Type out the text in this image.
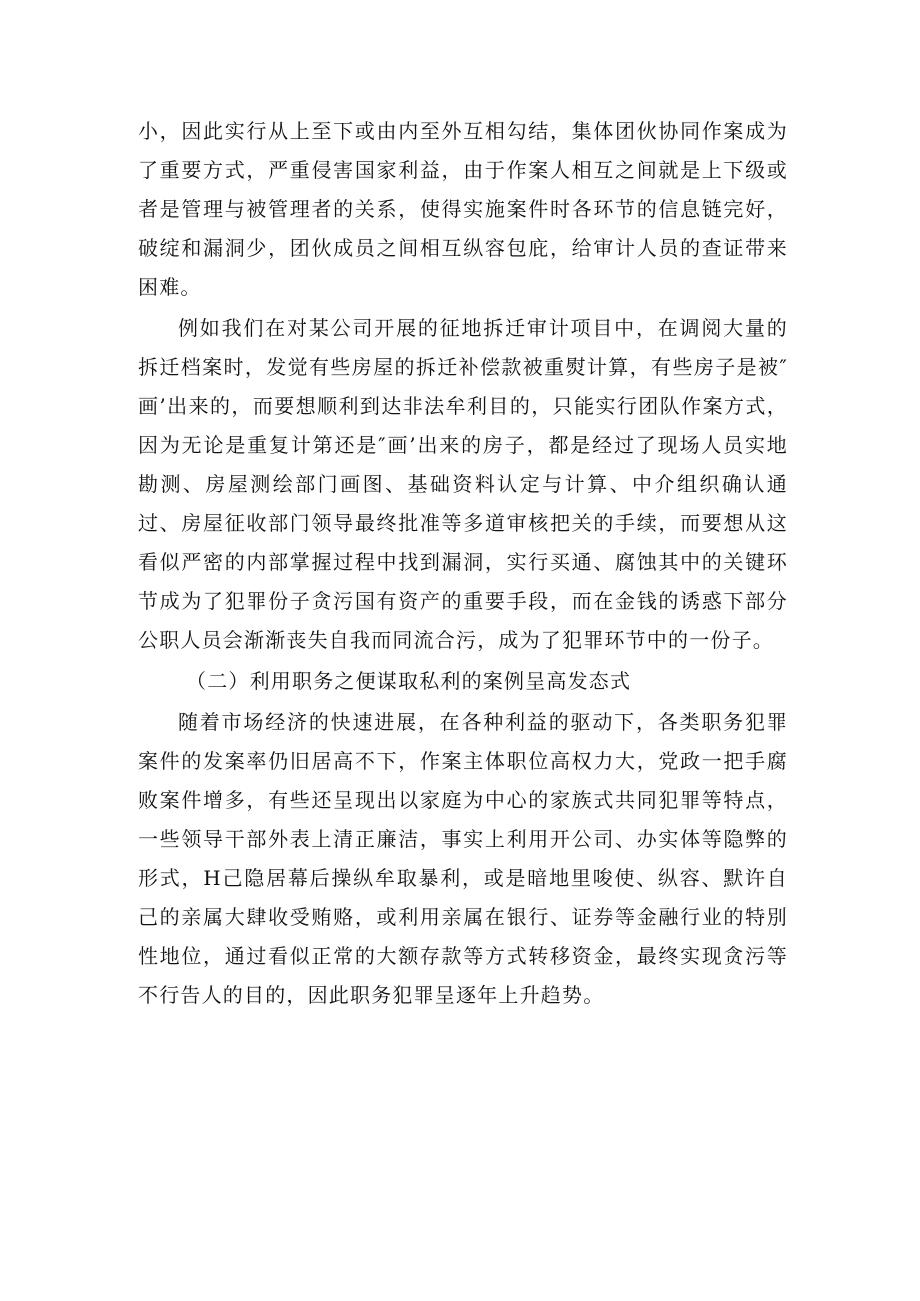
小，因此实行从上至下或由内至外互相勾结，集体团伙协同作案成为了重要方式，严重侵害国家利益，由于作案人相互之间就是上下级或者是管理与被管理者的关系，使得实施案件时各环节的信息链完好，破绽和漏洞少，团伙成员之间相互纵容包庇，给审计人员的查证带来困难。

例如我们在对某公司开展的征地拆迁审计项目中，在调阅大量的拆迁档案时，发觉有些房屋的拆迁补偿款被重熨计算，有些房子是被″画’出来的，而要想顺利到达非法牟利目的，只能实行团队作案方式，因为无论是重复计第还是″画’出来的房子，都是经过了现场人员实地勘测、房屋测绘部门画图、基础资料认定与计算、中介组织确认通过、房屋征收部门领导最终批准等多道审核把关的手续，而要想从这看似严密的内部掌握过程中找到漏洞，实行买通、腐蚀其中的关键环节成为了犯罪份子贪污国有资产的重要手段，而在金钱的诱惑下部分公职人员会渐渐丧失自我而同流合污，成为了犯罪环节中的一份子。

（二）利用职务之便谋取私利的案例呈高发态式

随着市场经济的快速进展，在各种利益的驱动下，各类职务犯罪案件的发案率仍旧居高不下，作案主体职位高权力大，党政一把手腐败案件增多，有些还呈现出以家庭为中心的家族式共同犯罪等特点，一些领导干部外表上清正廉洁，事实上利用开公司、办实体等隐弊的形式，H己隐居幕后操纵牟取暴利，或是暗地里唆使、纵容、默许自己的亲属大肆收受贿赂，或利用亲属在银行、证券等金融行业的特別性地位，通过看似正常的大额存款等方式转移资金，最终实现贪污等不行告人的目的，因此职务犯罪呈逐年上升趋势。
